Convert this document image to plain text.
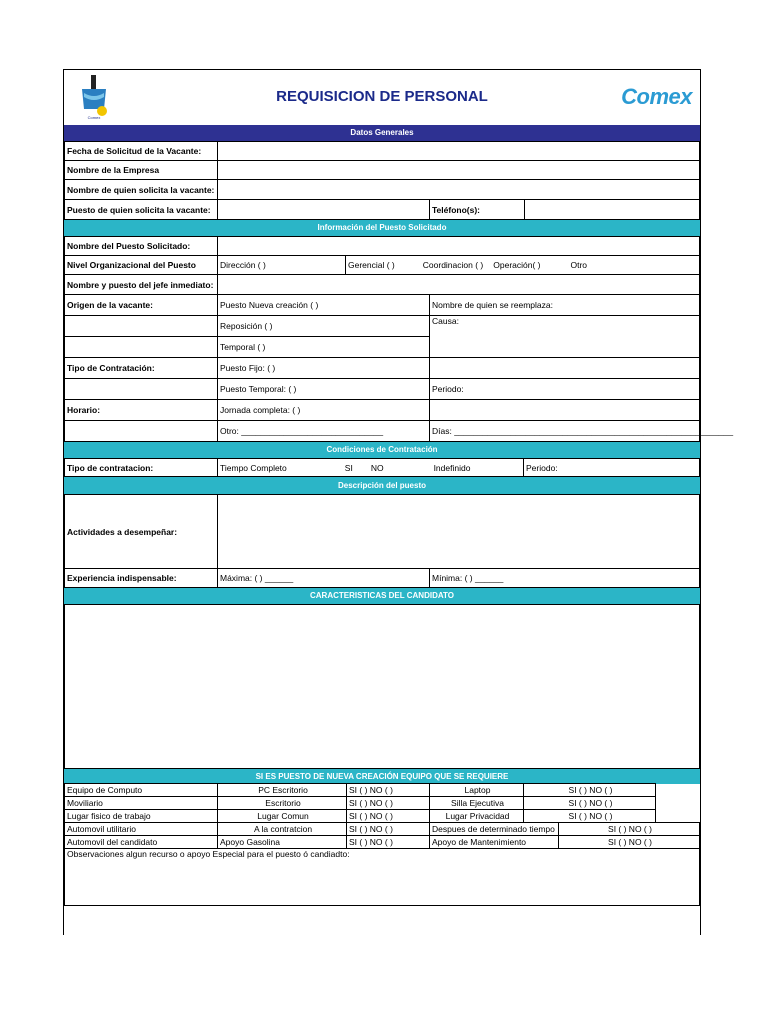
Comex
REQUISICION DE PERSONAL	Comex
Datos Generales
Fecha de Solicitud de la Vacante:
Nombre de la Empresa
Nombre de quien solicita la vacante:
Puesto de quien solicita la vacante:	Teléfono(s):
Información del Puesto Solicitado
Nombre del Puesto Solicitado:
Nivel Organizacional del Puesto	Dirección ( )	Gerencial ( )	Coordinacion ( ) Operación( )	Otro
Nombre y puesto del jefe inmediato:
Origen de la vacante:	Puesto Nueva creación ( )	Nombre de quien se reemplaza:
Reposición ( )	Causa:
Temporal ( )
Tipo de Contratación:	Puesto Fijo: ( )
Puesto Temporal: ( )	Periodo:
Horario:	Jornada completa: ( )
Otro: ______________________________	Días: ___________________________________________________________
Condiciones de Contratación
Tipo de contratacion:	Tiempo Completo	SI NO	Indefinido	Periodo:
Descripción del puesto
Actividades a desempeñar:
Experiencia indispensable:	Máxima: ( ) ______	Mínima: ( ) ______
CARACTERISTICAS DEL CANDIDATO
SI ES PUESTO DE NUEVA CREACIÓN EQUIPO QUE SE REQUIERE
Equipo de Computo	PC Escritorio	SI ( ) NO ( )	Laptop	SI ( ) NO ( )
Moviliario	Escritorio	SI ( ) NO ( )	Silla Ejecutiva	SI ( ) NO ( )
Lugar fisico de trabajo	Lugar Comun	SI ( ) NO ( )	Lugar Privacidad	SI ( ) NO ( )
Automovil utilitario	A la contratcion	SI ( ) NO ( )	Despues de determinado tiempo	SI ( ) NO ( )
Automovil del candidato	Apoyo Gasolina	SI ( ) NO ( )	Apoyo de Mantenimiento	SI ( ) NO ( )
Observaciones algun recurso o apoyo Especial para el puesto ó candiadto:
